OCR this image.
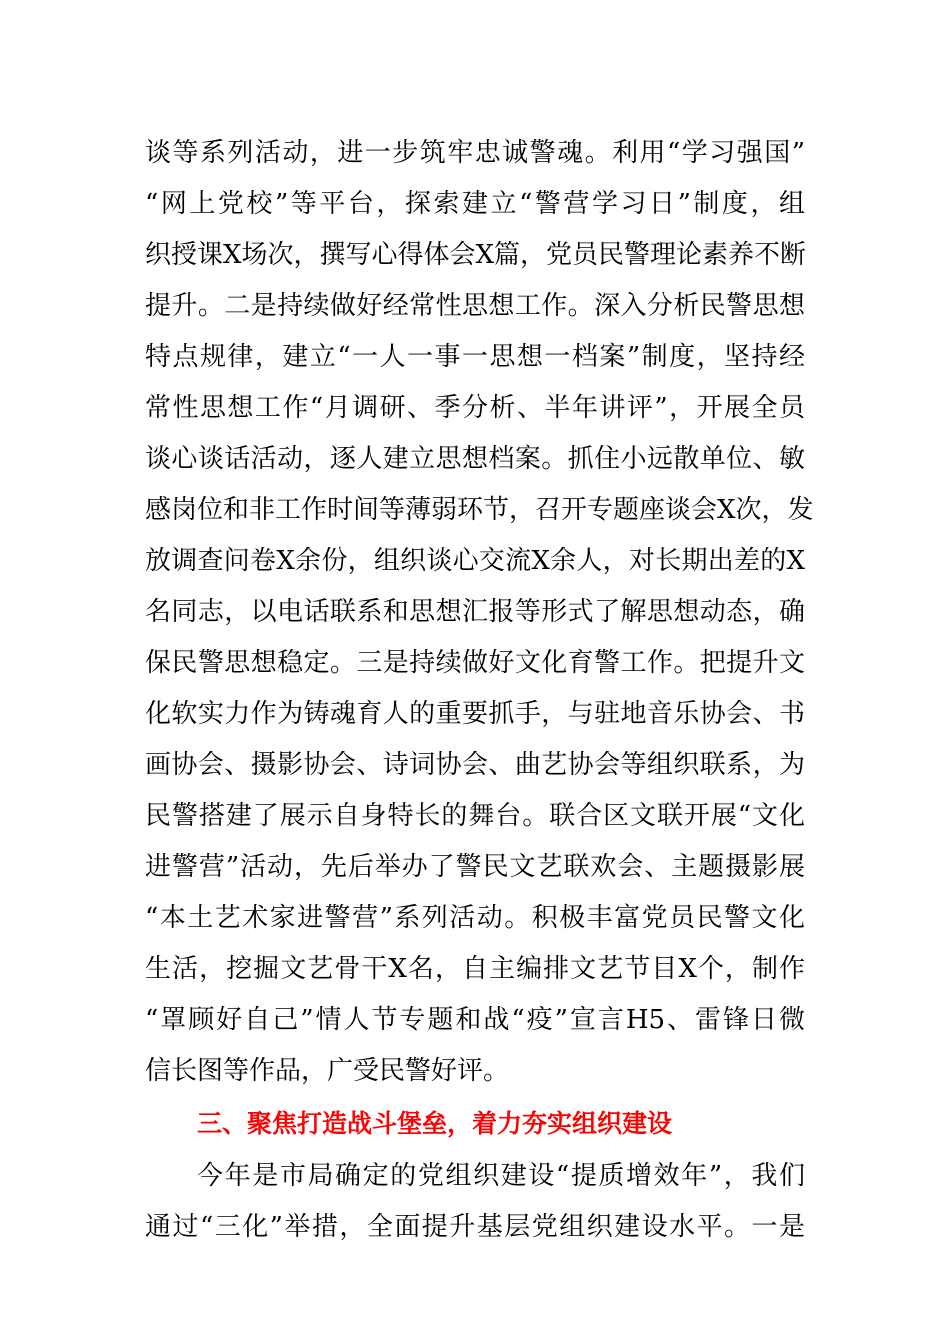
谈等系列活动，进一步筑牢忠诚警魂。利用“学习强国”
“网上党校”等平台，探索建立“警营学习日”制度，组
织授课X场次，撰写心得体会X篇，党员民警理论素养不断
提升。二是持续做好经常性思想工作。深入分析民警思想
特点规律，建立“一人一事一思想一档案”制度，坚持经
常性思想工作“月调研、季分析、半年讲评”，开展全员
谈心谈话活动，逐人建立思想档案。抓住小远散单位、敏
感岗位和非工作时间等薄弱环节，召开专题座谈会X次，发
放调查问卷X余份，组织谈心交流X余人，对长期出差的X
名同志，以电话联系和思想汇报等形式了解思想动态，确
保民警思想稳定。三是持续做好文化育警工作。把提升文
化软实力作为铸魂育人的重要抓手，与驻地音乐协会、书
画协会、摄影协会、诗词协会、曲艺协会等组织联系，为
民警搭建了展示自身特长的舞台。联合区文联开展“文化
进警营”活动，先后举办了警民文艺联欢会、主题摄影展
“本土艺术家进警营”系列活动。积极丰富党员民警文化
生活，挖掘文艺骨干X名，自主编排文艺节目X个，制作
“罩顾好自己”情人节专题和战“疫”宣言H5、雷锋日微
信长图等作品，广受民警好评。
三、聚焦打造战斗堡垒，着力夯实组织建设
今年是市局确定的党组织建设“提质增效年”，我们
通过“三化”举措，全面提升基层党组织建设水平。一是
